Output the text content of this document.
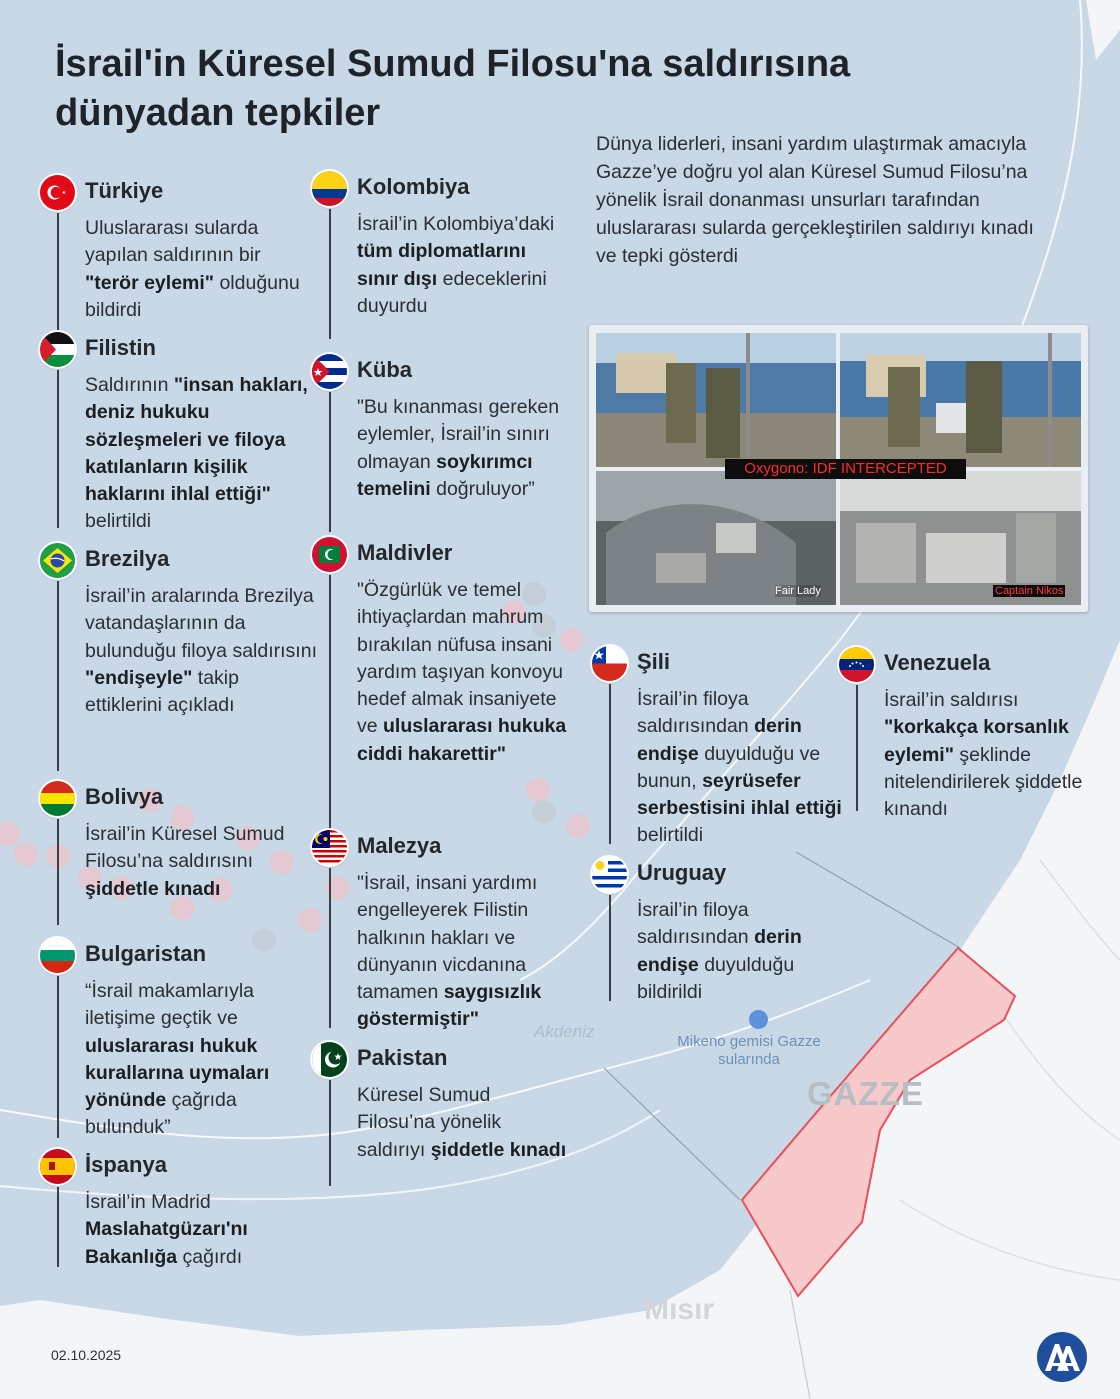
İsrail'in Küresel Sumud Filosu'na saldırısına dünyadan tepkiler
Dünya liderleri, insani yardım ulaştırmak amacıyla Gazze’ye doğru yol alan Küresel Sumud Filosu’na yönelik İsrail donanması unsurları tarafından uluslararası sularda gerçekleştirilen saldırıyı kınadı ve tepki gösterdi
Türkiye
Uluslararası sularda yapılan saldırının bir "terör eylemi" olduğunu bildirdi
Filistin
Saldırının "insan hakları, deniz hukuku sözleşmeleri ve filoya katılanların kişilik haklarını ihlal ettiği" belirtildi
Brezilya
İsrail’in aralarında Brezilya vatandaşlarının da bulunduğu filoya saldırısını "endişeyle" takip ettiklerini açıkladı
Bolivya
İsrail’in Küresel Sumud Filosu’na saldırısını şiddetle kınadı
Bulgaristan
“İsrail makamlarıyla iletişime geçtik ve uluslararası hukuk kurallarına uymaları yönünde çağrıda bulunduk”
İspanya
İsrail’in Madrid Maslahatgüzarı'nı Bakanlığa çağırdı
Kolombiya
İsrail’in Kolombiya’daki tüm diplomatlarını sınır dışı edeceklerini duyurdu
Küba
"Bu kınanması gereken eylemler, İsrail’in sınırı olmayan soykırımcı temelini doğruluyor”
Maldivler
"Özgürlük ve temel ihtiyaçlardan mahrum bırakılan nüfusa insani yardım taşıyan konvoyu hedef almak insaniyete ve uluslararası hukuka ciddi hakarettir"
Malezya
"İsrail, insani yardımı engelleyerek Filistin halkının hakları ve dünyanın vicdanına tamamen saygısızlık göstermiştir"
Pakistan
Küresel Sumud Filosu’na yönelik saldırıyı şiddetle kınadı
Şili
İsrail’in filoya saldırısından derin endişe duyulduğu ve bunun, seyrüsefer serbestisini ihlal ettiği belirtildi
Uruguay
İsrail’in filoya saldırısından derin endişe duyulduğu bildirildi
Venezuela
İsrail’in saldırısı "korkakça korsanlık eylemi" şeklinde nitelendirilerek şiddetle kınandı
Oxygono: IDF INTERCEPTED
Fair Lady	Captain Nikos
Akdeniz
Mikeno gemisi Gazze sularında
GAZZE
Mısır
02.10.2025
